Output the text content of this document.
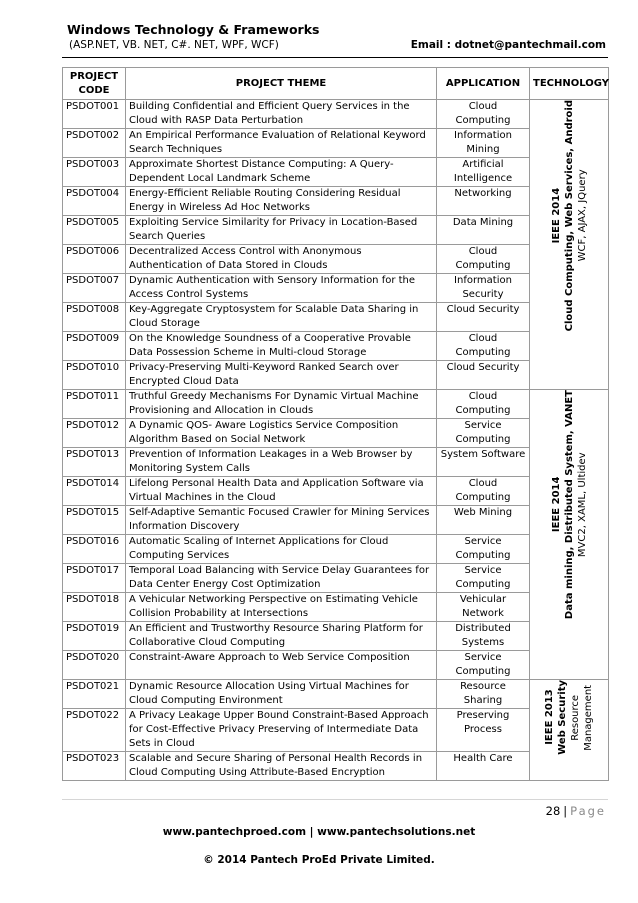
Windows Technology & Frameworks
(ASP.NET, VB. NET, C#. NET, WPF, WCF)	Email : dotnet@pantechmail.com
PROJECT CODE	PROJECT THEME	APPLICATION	TECHNOLOGY
PSDOT001	Building Confidential and Efficient Query Services in the Cloud with RASP Data Perturbation	Cloud Computing	IEEE 2014 Cloud Computing, Web Services, Android WCF, AJAX, JQuery

PSDOT002	An Empirical Performance Evaluation of Relational Keyword Search Techniques	Information Mining	
PSDOT003	Approximate Shortest Distance Computing: A Query-Dependent Local Landmark Scheme	Artificial Intelligence	
PSDOT004	Energy-Efficient Reliable Routing Considering Residual Energy in Wireless Ad Hoc Networks	Networking	
PSDOT005	Exploiting Service Similarity for Privacy in Location-Based Search Queries	Data Mining	
PSDOT006	Decentralized Access Control with Anonymous Authentication of Data Stored in Clouds	Cloud Computing	
PSDOT007	Dynamic Authentication with Sensory Information for the Access Control Systems	Information Security	
PSDOT008	Key-Aggregate Cryptosystem for Scalable Data Sharing in Cloud Storage	Cloud Security	
PSDOT009	On the Knowledge Soundness of a Cooperative Provable Data Possession Scheme in Multi-cloud Storage	Cloud Computing	
PSDOT010	Privacy-Preserving Multi-Keyword Ranked Search over Encrypted Cloud Data	Cloud Security	
PSDOT011	Truthful Greedy Mechanisms For Dynamic Virtual Machine Provisioning and Allocation in Clouds	Cloud Computing	IEEE 2014 Data mining, Distributed System, VANET MVC2, XAML, Ultidev

PSDOT012	A Dynamic QOS- Aware Logistics Service Composition Algorithm Based on Social Network	Service Computing	
PSDOT013	Prevention of Information Leakages in a Web Browser by Monitoring System Calls	System Software	
PSDOT014	Lifelong Personal Health Data and Application Software via Virtual Machines in the Cloud	Cloud Computing	
PSDOT015	Self-Adaptive Semantic Focused Crawler for Mining Services Information Discovery	Web Mining	
PSDOT016	Automatic Scaling of Internet Applications for Cloud Computing Services	Service Computing	
PSDOT017	Temporal Load Balancing with Service Delay Guarantees for Data Center Energy Cost Optimization	Service Computing	
PSDOT018	A Vehicular Networking Perspective on Estimating Vehicle Collision Probability at Intersections	Vehicular Network	
PSDOT019	An Efficient and Trustworthy Resource Sharing Platform for Collaborative Cloud Computing	Distributed Systems	
PSDOT020	Constraint-Aware Approach to Web Service Composition	Service Computing	
PSDOT021	Dynamic Resource Allocation Using Virtual Machines for Cloud Computing Environment	Resource Sharing	IEEE 2013 Web Security Resource Management

PSDOT022	A Privacy Leakage Upper Bound Constraint-Based Approach for Cost-Effective Privacy Preserving of Intermediate Data Sets in Cloud	Preserving Process	
PSDOT023	Scalable and Secure Sharing of Personal Health Records in Cloud Computing Using Attribute-Based Encryption	Health Care	
28 | Page
www.pantechproed.com | www.pantechsolutions.net
© 2014 Pantech ProEd Private Limited.
